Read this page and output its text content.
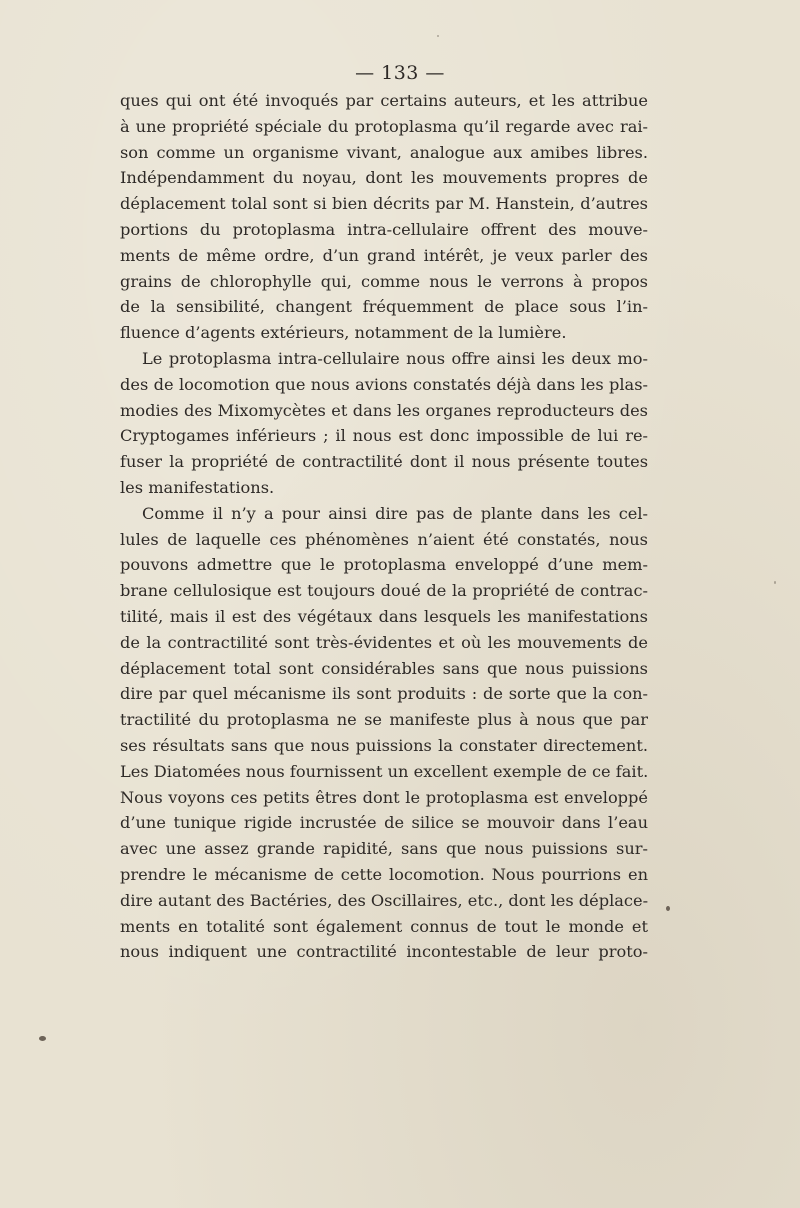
— 133 —
ques qui ont été invoqués par certains auteurs, et les attribue
à une propriété spéciale du protoplasma qu’il regarde avec rai-
son comme un organisme vivant, analogue aux amibes libres.
Indépendamment du noyau, dont les mouvements propres de
déplacement tolal sont si bien décrits par M. Hanstein, d’autres
portions du protoplasma intra-cellulaire offrent des mouve-
ments de même ordre, d’un grand intérêt, je veux parler des
grains de chlorophylle qui, comme nous le verrons à propos
de la sensibilité, changent fréquemment de place sous l’in-
fluence d’agents extérieurs, notamment de la lumière.
Le protoplasma intra-cellulaire nous offre ainsi les deux mo-
des de locomotion que nous avions constatés déjà dans les plas-
modies des Mixomycètes et dans les organes reproducteurs des
Cryptogames inférieurs ; il nous est donc impossible de lui re-
fuser la propriété de contractilité dont il nous présente toutes
les manifestations.
Comme il n’y a pour ainsi dire pas de plante dans les cel-
lules de laquelle ces phénomènes n’aient été constatés, nous
pouvons admettre que le protoplasma enveloppé d’une mem-
brane cellulosique est toujours doué de la propriété de contrac-
tilité, mais il est des végétaux dans lesquels les manifestations
de la contractilité sont très-évidentes et où les mouvements de
déplacement total sont considérables sans que nous puissions
dire par quel mécanisme ils sont produits : de sorte que la con-
tractilité du protoplasma ne se manifeste plus à nous que par
ses résultats sans que nous puissions la constater directement.
Les Diatomées nous fournissent un excellent exemple de ce fait.
Nous voyons ces petits êtres dont le protoplasma est enveloppé
d’une tunique rigide incrustée de silice se mouvoir dans l’eau
avec une assez grande rapidité, sans que nous puissions sur-
prendre le mécanisme de cette locomotion. Nous pourrions en
dire autant des Bactéries, des Oscillaires, etc., dont les déplace-
ments en totalité sont également connus de tout le monde et
nous indiquent une contractilité incontestable de leur proto-
